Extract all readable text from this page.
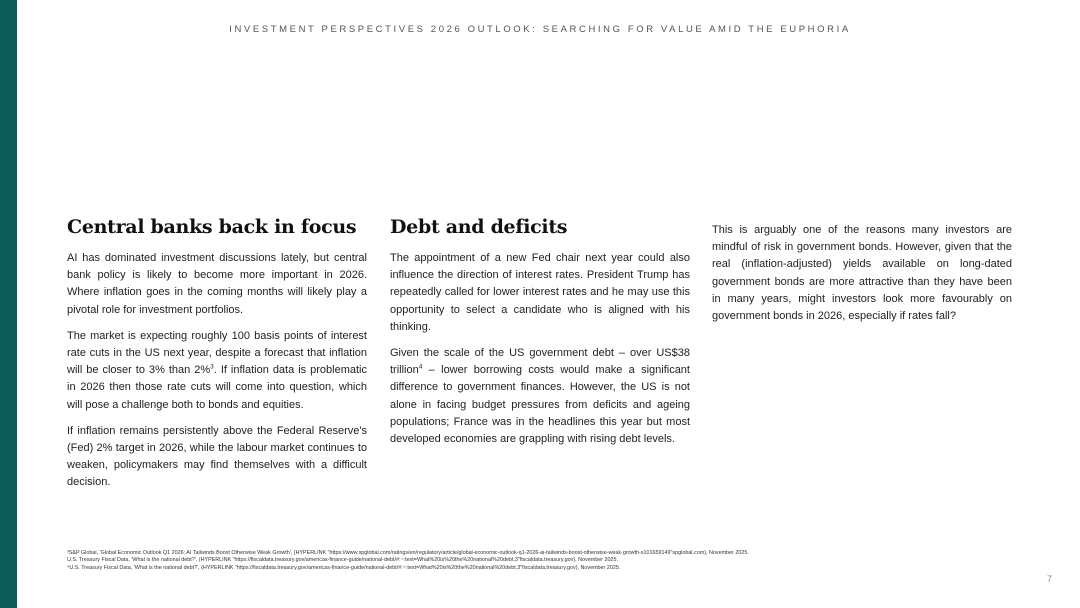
INVESTMENT PERSPECTIVES 2026 OUTLOOK: SEARCHING FOR VALUE AMID THE EUPHORIA
Central banks back in focus

AI has dominated investment discussions lately, but central bank policy is likely to become more important in 2026. Where inflation goes in the coming months will likely play a pivotal role for investment portfolios.

The market is expecting roughly 100 basis points of interest rate cuts in the US next year, despite a forecast that inflation will be closer to 3% than 2%$^3$. If inflation data is problematic in 2026 then those rate cuts will come into question, which will pose a challenge both to bonds and equities.

If inflation remains persistently above the Federal Reserve's (Fed) 2% target in 2026, while the labour market continues to weaken, policymakers may find themselves with a difficult decision.

Debt and deficits

The appointment of a new Fed chair next year could also influence the direction of interest rates. President Trump has repeatedly called for lower interest rates and he may use this opportunity to select a candidate who is aligned with his thinking.

Given the scale of the US government debt – over US$38 trillion$^4$ – lower borrowing costs would make a significant difference to government finances. However, the US is not alone in facing budget pressures from deficits and ageing populations; France was in the headlines this year but most developed economies are grappling with rising debt levels.

This is arguably one of the reasons many investors are mindful of risk in government bonds. However, given that the real (inflation-adjusted) yields available on long-dated government bonds are more attractive than they have been in many years, might investors look more favourably on government bonds in 2026, especially if rates fall?

³S&P Global, 'Global Economic Outlook Q1 2026: AI Tailwinds Boost Otherwise Weak Growth', (HYPERLINK "https://www.spglobal.com/ratings/en/regulatory/article/global-economic-outlook-q1-2026-ai-tailwinds-boost-otherwise-weak-growth-s101659149"spglobal.com), November 2025.
U.S. Treasury Fiscal Data, 'What is the national debt?', (HYPERLINK "https://fiscaldata.treasury.gov/americas-finance-guide/national-debt/#:~:text=What%20is%20the%20national%20debt,3"fiscaldata.treasury.gov), November 2025.
⁴U.S. Treasury Fiscal Data, 'What is the national debt?', (HYPERLINK "https://fiscaldata.treasury.gov/americas-finance-guide/national-debt/#:~:text=What%20is%20the%20national%20debt,3"fiscaldata.treasury.gov), November 2025.
7
